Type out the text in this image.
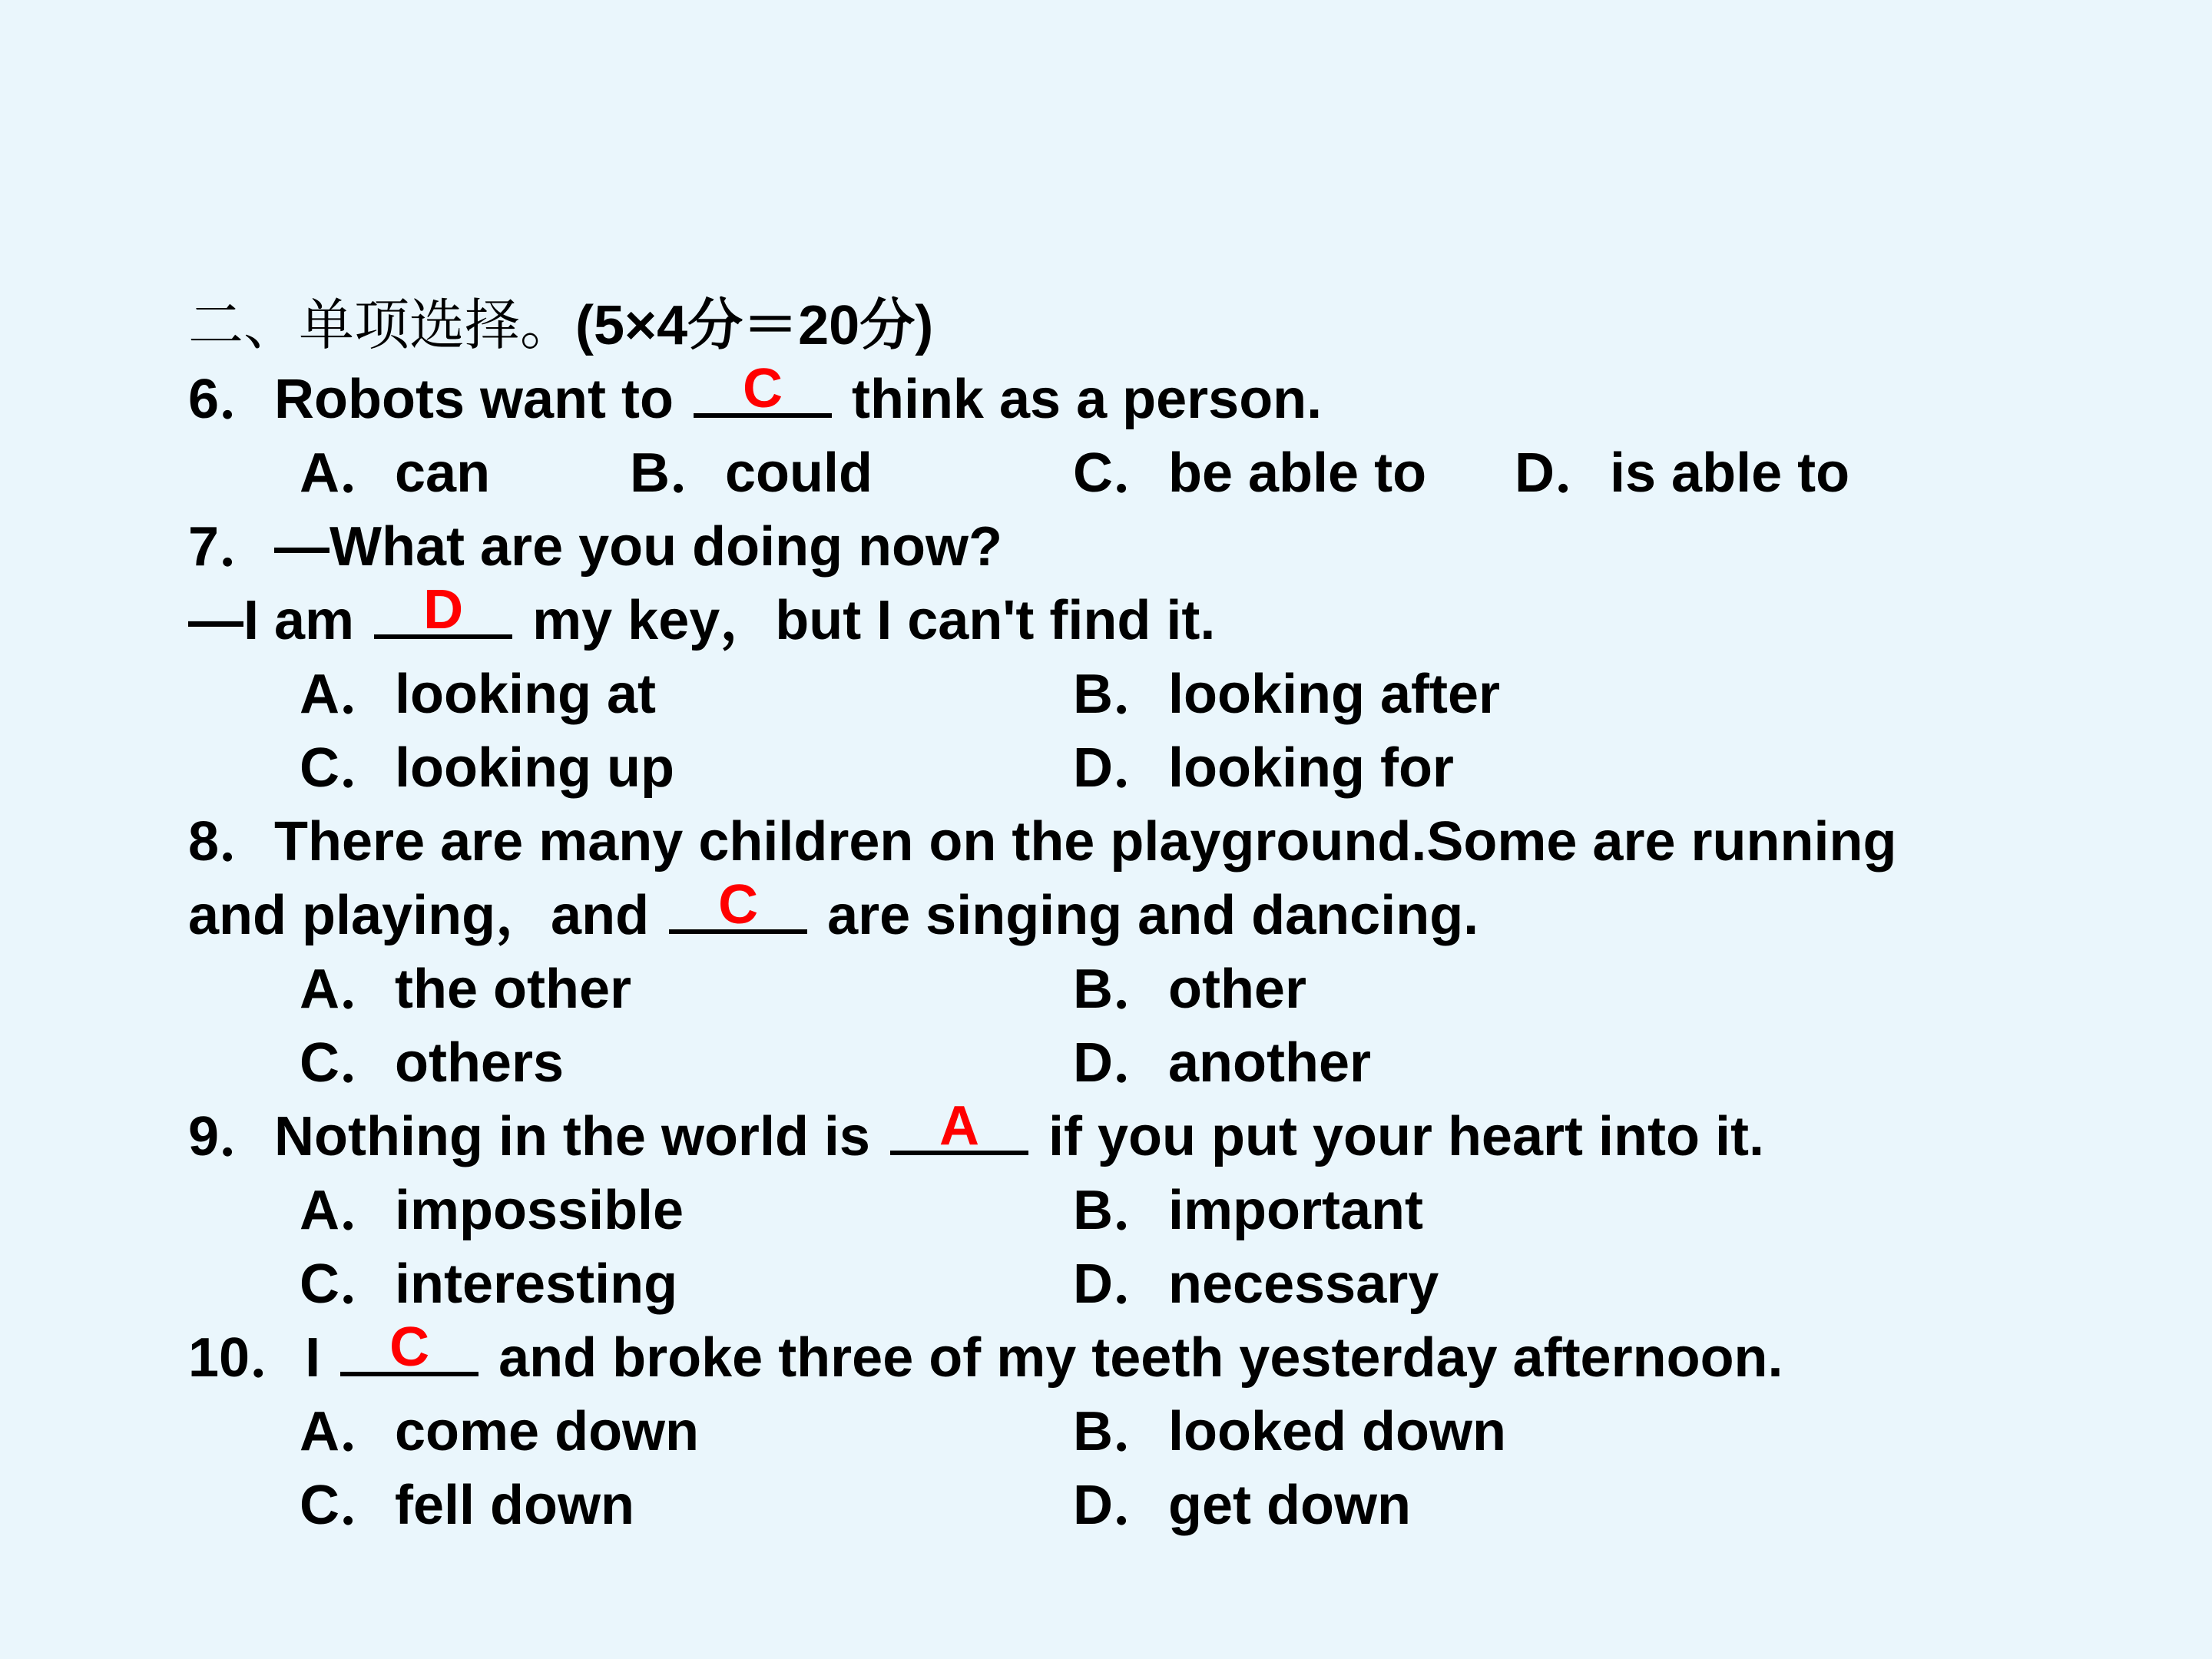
二、单项选择。(5×4分＝20分)
6．Robots want to C think as a person.
A．can	B．could	C．be able to D．is able to
7．—What are you doing now?
—I am D my key，but I can't find it.
A．looking at	B．looking after
C．looking up	D．looking for
8．There are many children on the playground.Some are running
and playing，and C are singing and dancing.
A．the other	B．other
C．others	D．another
9．Nothing in the world is A if you put your heart into it.
A．impossible	B．important
C．interesting	D．necessary
10．I C and broke three of my teeth yesterday afternoon.
A．come down	B．looked down
C．fell down	D．get down
